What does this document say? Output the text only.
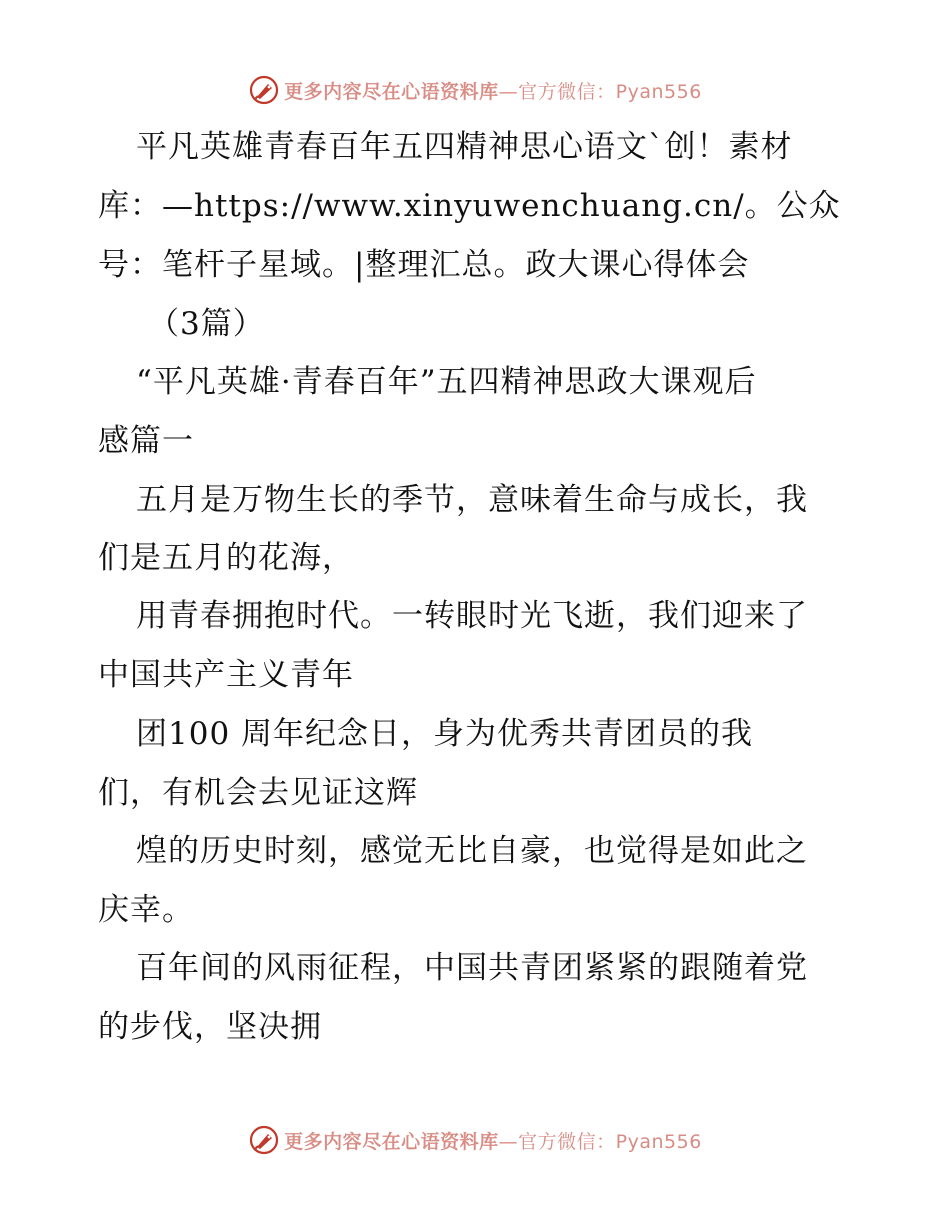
更多内容尽在心语资料库—官方微信：Pyan556
平凡英雄青春百年五四精神思心语文`创！素材
库：—https://www.xinyuwenchuang.cn/。公众
号：笔杆子星域。|整理汇总。政大课心得体会
（3篇）
“平凡英雄·青春百年”五四精神思政大课观后
感篇一
五月是万物生长的季节，意味着生命与成长，我
们是五月的花海，
用青春拥抱时代。一转眼时光飞逝，我们迎来了
中国共产主义青年
团100 周年纪念日，身为优秀共青团员的我
们，有机会去见证这辉
煌的历史时刻，感觉无比自豪，也觉得是如此之
庆幸。
百年间的风雨征程，中国共青团紧紧的跟随着党
的步伐，坚决拥
更多内容尽在心语资料库—官方微信：Pyan556
